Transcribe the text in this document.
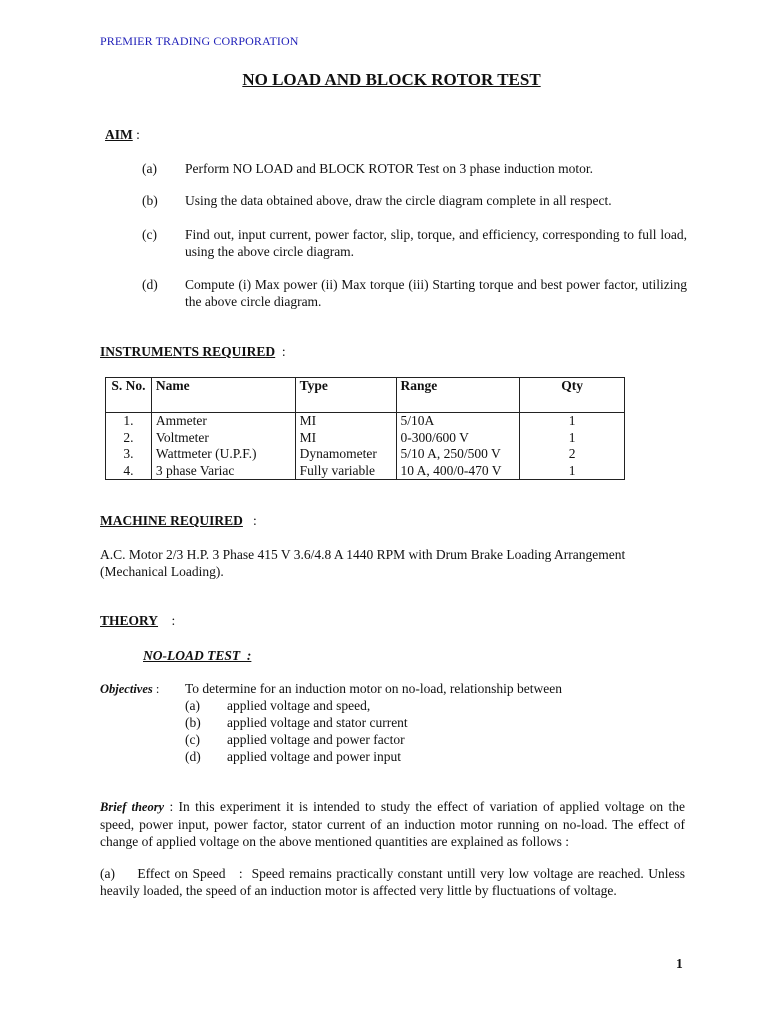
PREMIER TRADING CORPORATION
NO LOAD AND BLOCK ROTOR TEST
AIM :
(a) Perform NO LOAD and BLOCK ROTOR Test on 3 phase induction motor.
(b) Using the data obtained above, draw the circle diagram complete in all respect.
(c) Find out, input current, power factor, slip, torque, and efficiency, corresponding to full load, using the above circle diagram.
(d) Compute (i) Max power (ii) Max torque (iii) Starting torque and best power factor, utilizing the above circle diagram.
INSTRUMENTS REQUIRED  :
S. No.	Name	Type	Range	Qty
1.	Ammeter	MI	5/10A	1
2.	Voltmeter	MI	0-300/600 V	1
3.	Wattmeter (U.P.F.)	Dynamometer	5/10 A, 250/500 V	2
4.	3 phase Variac	Fully variable	10 A, 400/0-470 V	1
MACHINE REQUIRED   :
A.C. Motor 2/3 H.P. 3 Phase 415 V 3.6/4.8 A 1440 RPM with Drum Brake Loading Arrangement (Mechanical Loading).
THEORY    :
NO-LOAD TEST  :
Objectives : To determine for an induction motor on no-load, relationship between
(a) applied voltage and speed,
(b) applied voltage and stator current
(c) applied voltage and power factor
(d) applied voltage and power input
Brief theory : In this experiment it is intended to study the effect of variation of applied voltage on the speed, power input, power factor, stator current of an induction motor running on no-load. The effect of change of applied voltage on the above mentioned quantities are explained as follows :
(a)     Effect on Speed   :  Speed remains practically constant untill very low voltage are reached. Unless heavily loaded, the speed of an induction motor is affected very little by fluctuations of voltage.
1
